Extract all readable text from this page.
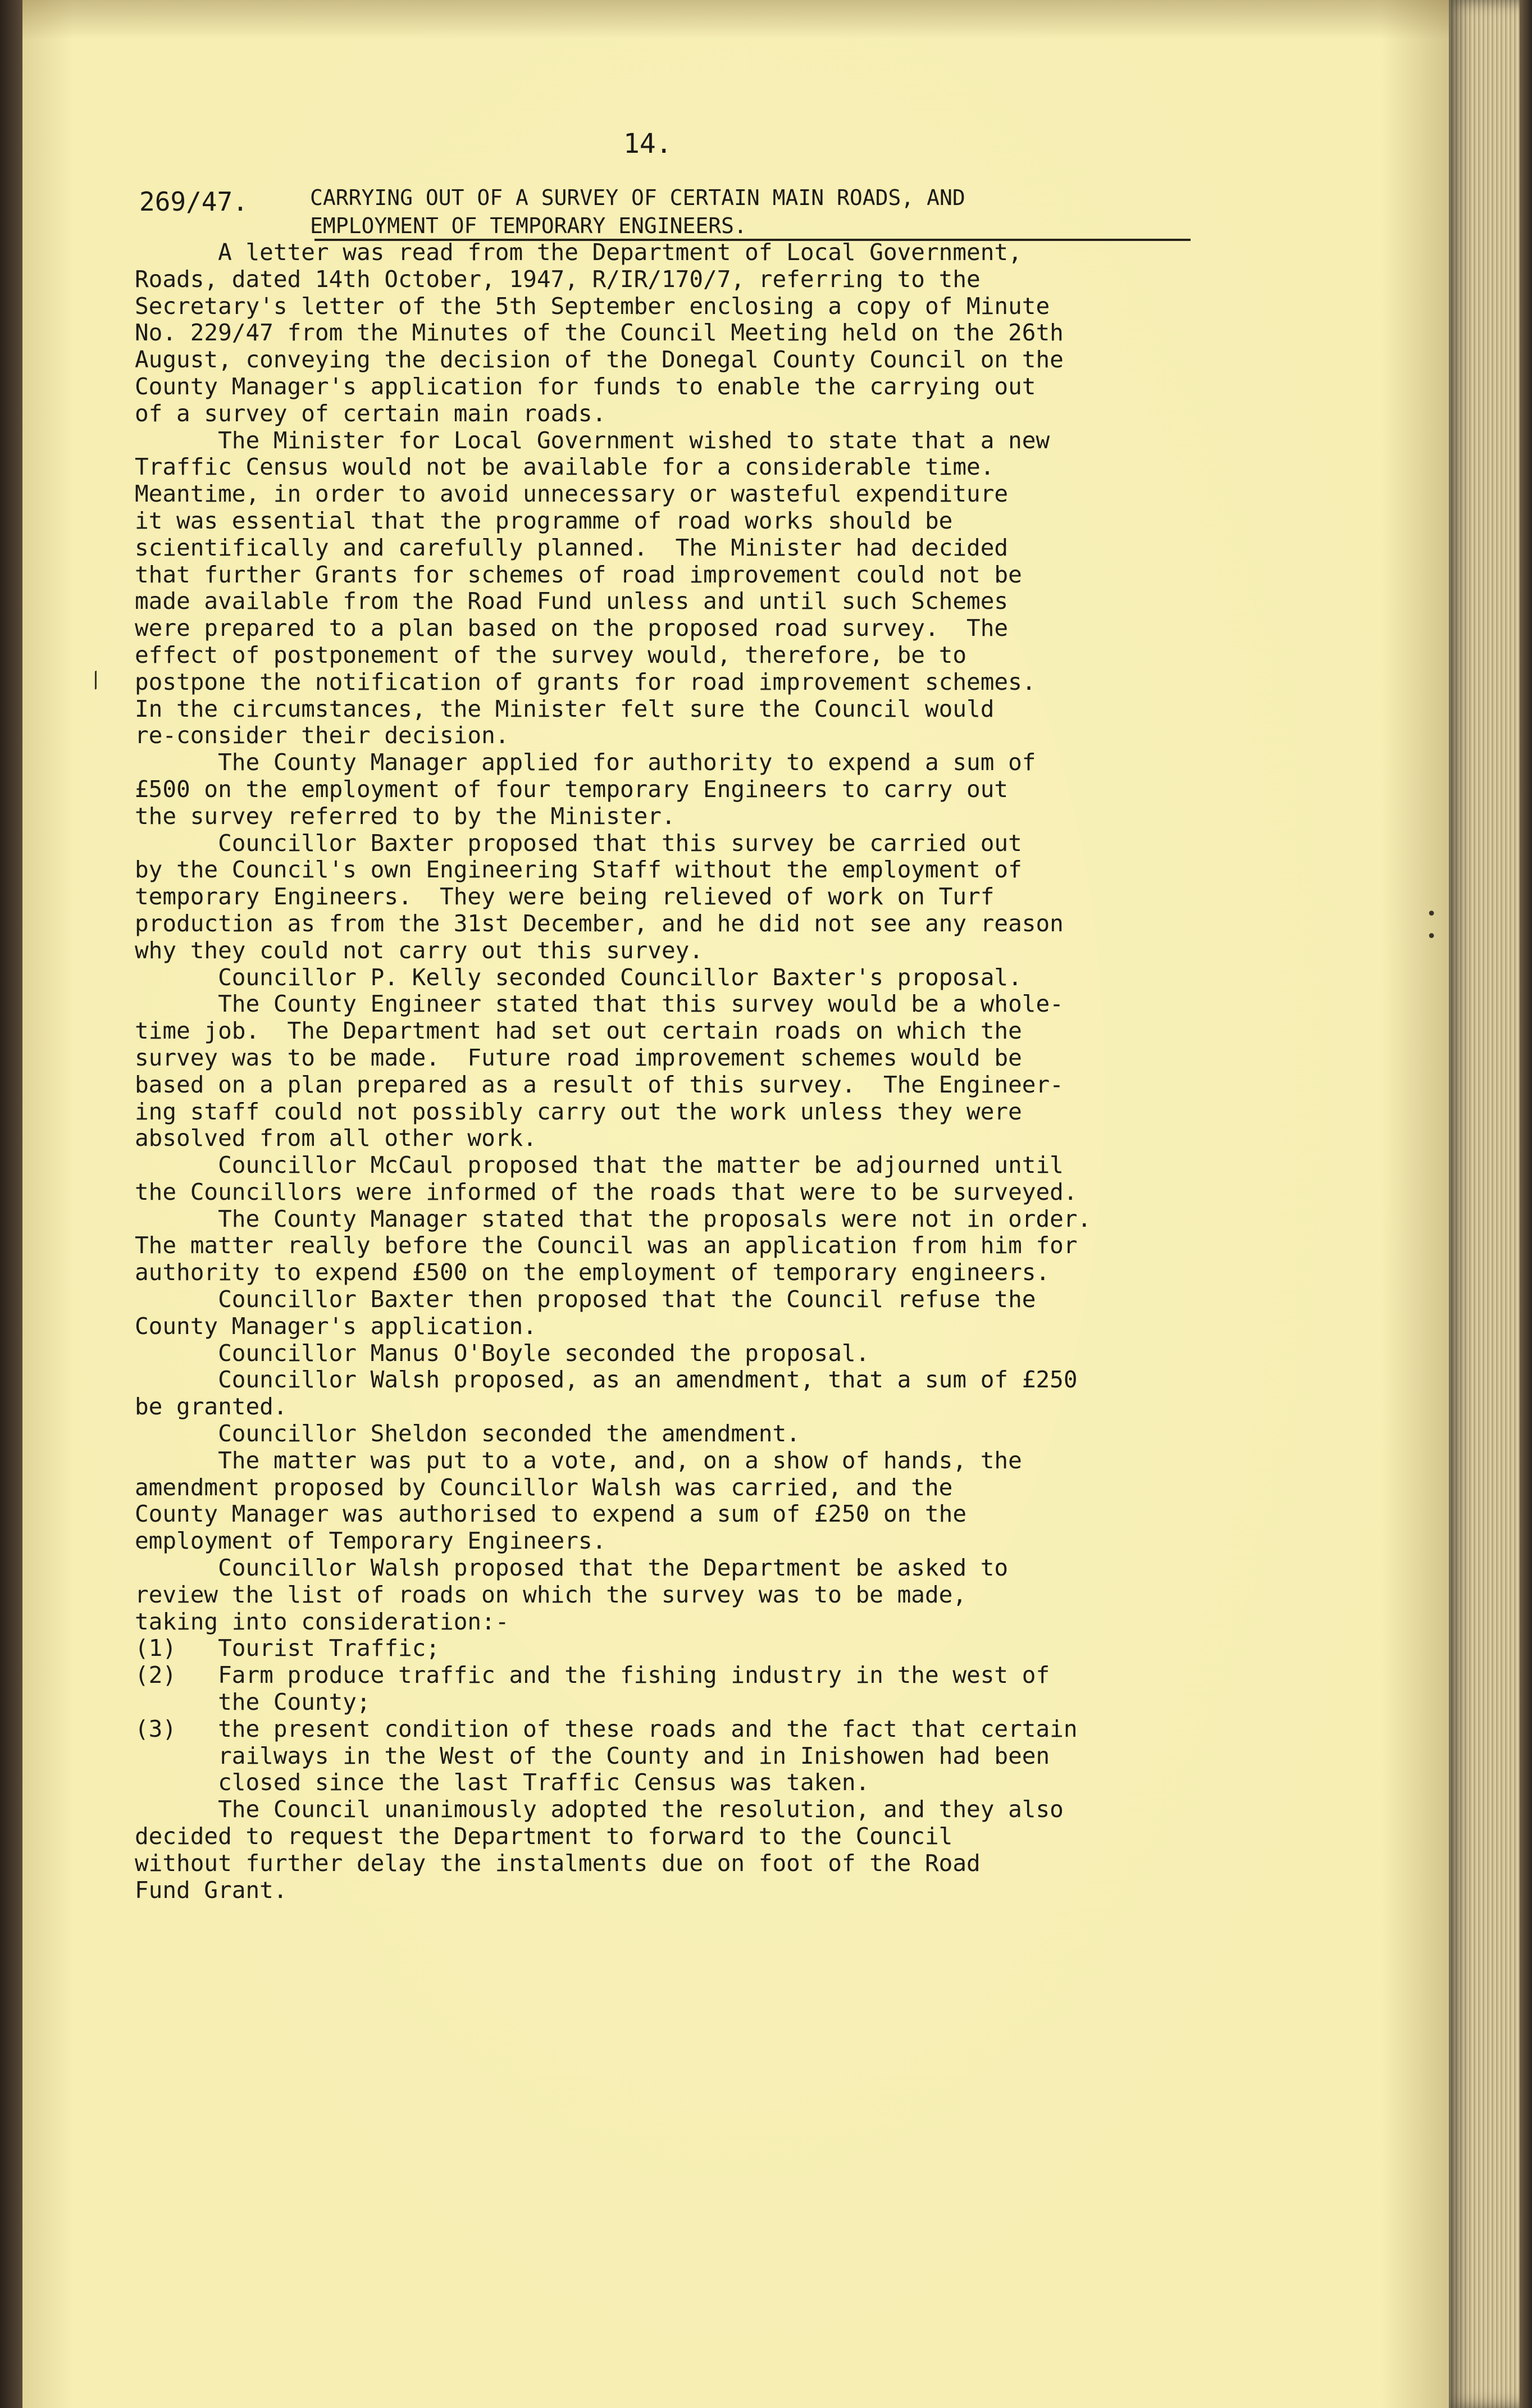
14.
269/47.	CARRYING OUT OF A SURVEY OF CERTAIN MAIN ROADS, AND
EMPLOYMENT OF TEMPORARY ENGINEERS.
A letter was read from the Department of Local Government,
Roads, dated 14th October, 1947, R/IR/170/7, referring to the
Secretary's letter of the 5th September enclosing a copy of Minute
No. 229/47 from the Minutes of the Council Meeting held on the 26th
August, conveying the decision of the Donegal County Council on the
County Manager's application for funds to enable the carrying out
of a survey of certain main roads.
The Minister for Local Government wished to state that a new
Traffic Census would not be available for a considerable time.
Meantime, in order to avoid unnecessary or wasteful expenditure
it was essential that the programme of road works should be
scientifically and carefully planned.  The Minister had decided
that further Grants for schemes of road improvement could not be
made available from the Road Fund unless and until such Schemes
were prepared to a plan based on the proposed road survey.  The
effect of postponement of the survey would, therefore, be to
postpone the notification of grants for road improvement schemes.
In the circumstances, the Minister felt sure the Council would
re-consider their decision.
The County Manager applied for authority to expend a sum of
£500 on the employment of four temporary Engineers to carry out
the survey referred to by the Minister.
Councillor Baxter proposed that this survey be carried out
by the Council's own Engineering Staff without the employment of
temporary Engineers.  They were being relieved of work on Turf
production as from the 31st December, and he did not see any reason
why they could not carry out this survey.
Councillor P. Kelly seconded Councillor Baxter's proposal.
The County Engineer stated that this survey would be a whole-
time job.  The Department had set out certain roads on which the
survey was to be made.  Future road improvement schemes would be
based on a plan prepared as a result of this survey.  The Engineer-
ing staff could not possibly carry out the work unless they were
absolved from all other work.
Councillor McCaul proposed that the matter be adjourned until
the Councillors were informed of the roads that were to be surveyed.
The County Manager stated that the proposals were not in order.
The matter really before the Council was an application from him for
authority to expend £500 on the employment of temporary engineers.
Councillor Baxter then proposed that the Council refuse the
County Manager's application.
Councillor Manus O'Boyle seconded the proposal.
Councillor Walsh proposed, as an amendment, that a sum of £250
be granted.
Councillor Sheldon seconded the amendment.
The matter was put to a vote, and, on a show of hands, the
amendment proposed by Councillor Walsh was carried, and the
County Manager was authorised to expend a sum of £250 on the
employment of Temporary Engineers.
Councillor Walsh proposed that the Department be asked to
review the list of roads on which the survey was to be made,
taking into consideration:-
(1)   Tourist Traffic;
(2)   Farm produce traffic and the fishing industry in the west of
the County;
(3)   the present condition of these roads and the fact that certain
railways in the West of the County and in Inishowen had been
closed since the last Traffic Census was taken.
The Council unanimously adopted the resolution, and they also
decided to request the Department to forward to the Council
without further delay the instalments due on foot of the Road
Fund Grant.
/
•
•
